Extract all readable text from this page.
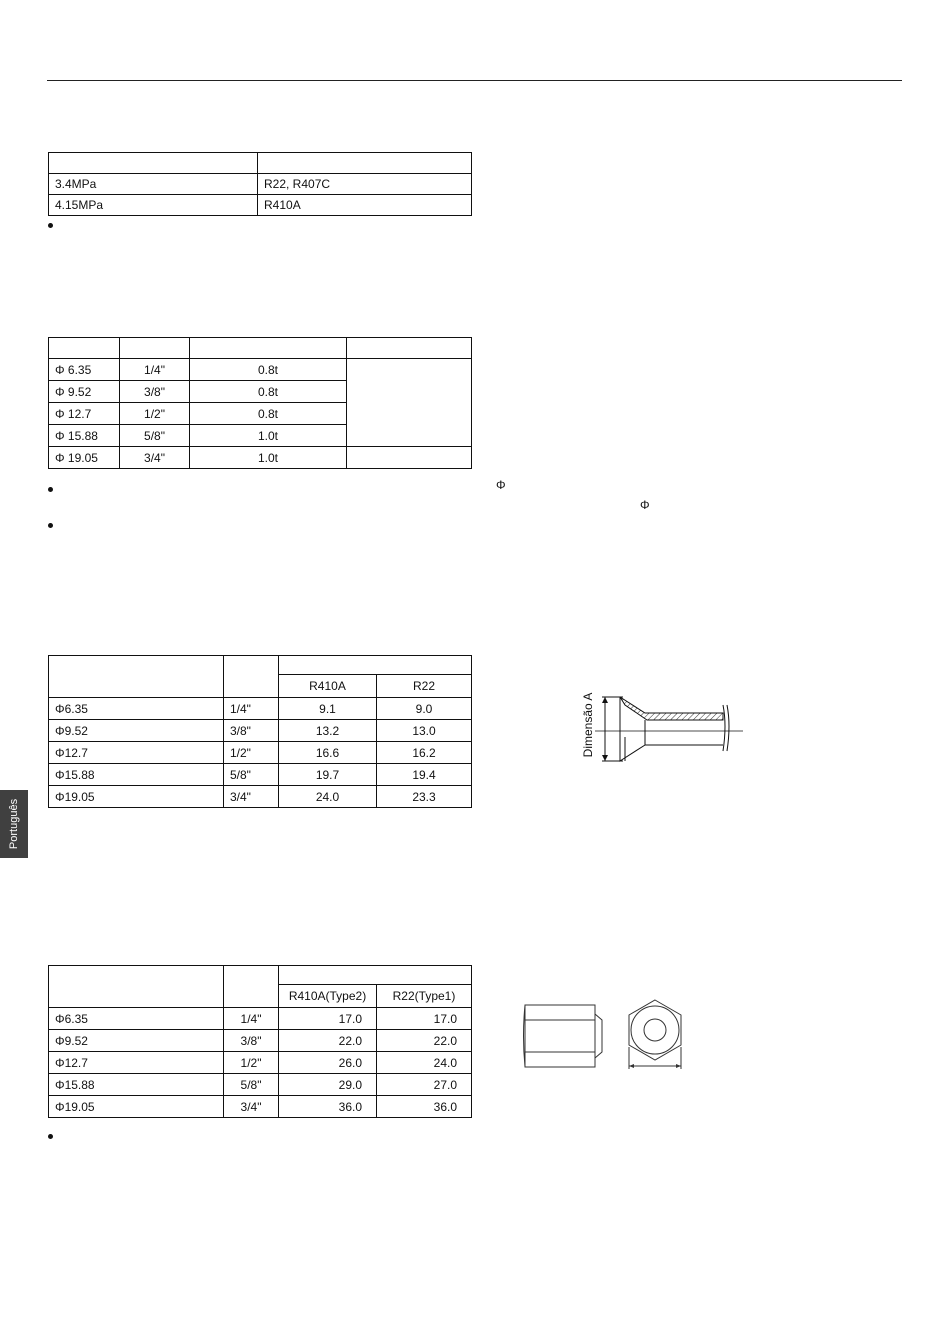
3.4MPa	R22, R407C
4.15MPa	R410A

Φ 6.35	1/4"	0.8t	
Φ 9.52	3/8"	0.8t	
Φ 12.7	1/2"	0.8t	
Φ 15.88	5/8"	1.0t	
Φ 19.05	3/4"	1.0t	
Φ
Φ

		R410A	R22
Φ6.35	1/4"	9.1	9.0
Φ9.52	3/8"	13.2	13.0
Φ12.7	1/2"	16.6	16.2
Φ15.88	5/8"	19.7	19.4
Φ19.05	3/4"	24.0	23.3
Dimensão A

		R410A(Type2)	R22(Type1)
Φ6.35	1/4"	17.0	17.0
Φ9.52	3/8"	22.0	22.0
Φ12.7	1/2"	26.0	24.0
Φ15.88	5/8"	29.0	27.0
Φ19.05	3/4"	36.0	36.0
Português
